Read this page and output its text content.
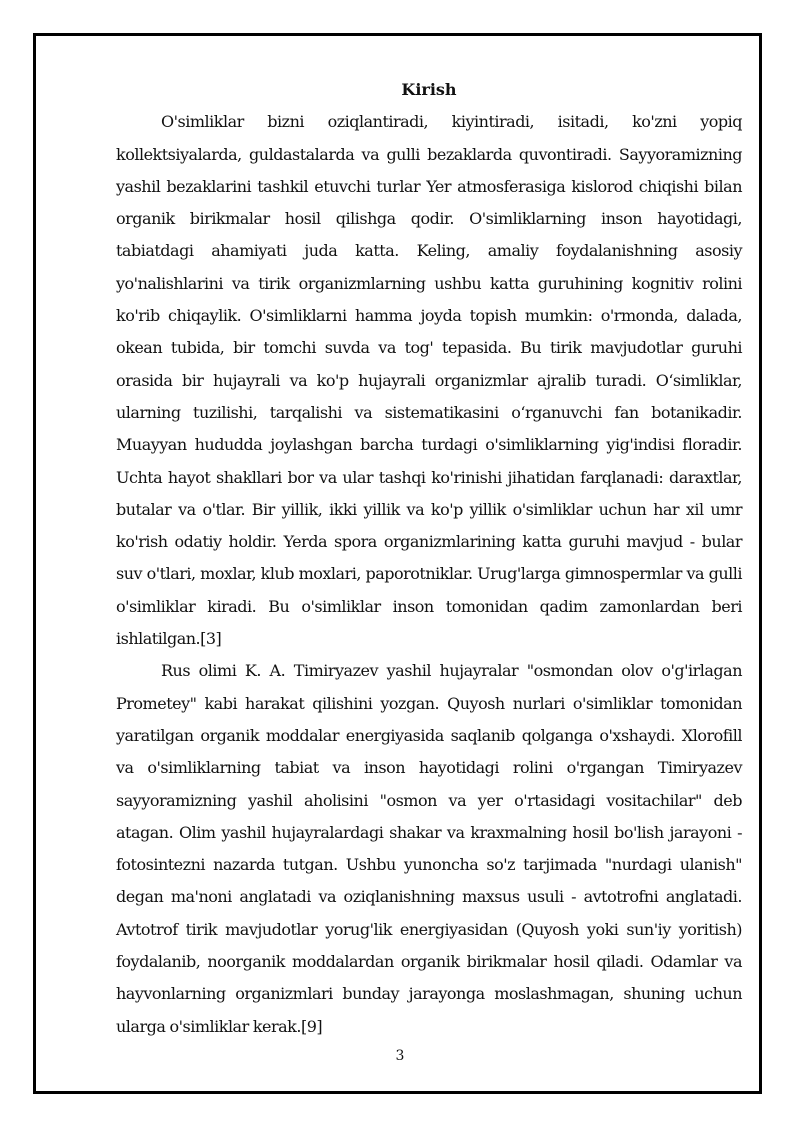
Kirish

O'simliklar bizni oziqlantiradi, kiyintiradi, isitadi, ko'zni yopiq kollektsiyalarda, guldastalarda va gulli bezaklarda quvontiradi. Sayyoramizning yashil bezaklarini tashkil etuvchi turlar Yer atmosferasiga kislorod chiqishi bilan organik birikmalar hosil qilishga qodir. O'simliklarning inson hayotidagi, tabiatdagi ahamiyati juda katta. Keling, amaliy foydalanishning asosiy yo'nalishlarini va tirik organizmlarning ushbu katta guruhining kognitiv rolini ko'rib chiqaylik. O'simliklarni hamma joyda topish mumkin: o'rmonda, dalada, okean tubida, bir tomchi suvda va tog' tepasida. Bu tirik mavjudotlar guruhi orasida bir hujayrali va ko'p hujayrali organizmlar ajralib turadi. O‘simliklar, ularning tuzilishi, tarqalishi va sistematikasini o‘rganuvchi fan botanikadir. Muayyan hududda joylashgan barcha turdagi o'simliklarning yig'indisi floradir. Uchta hayot shakllari bor va ular tashqi ko'rinishi jihatidan farqlanadi: daraxtlar, butalar va o'tlar. Bir yillik, ikki yillik va ko'p yillik o'simliklar uchun har xil umr ko'rish odatiy holdir. Yerda spora organizmlarining katta guruhi mavjud - bular suv o'tlari, moxlar, klub moxlari, paporotniklar. Urug'larga gimnospermlar va gulli o'simliklar kiradi. Bu o'simliklar inson tomonidan qadim zamonlardan beri ishlatilgan.[3]

Rus olimi K. A. Timiryazev yashil hujayralar "osmondan olov o'g'irlagan Prometey" kabi harakat qilishini yozgan. Quyosh nurlari o'simliklar tomonidan yaratilgan organik moddalar energiyasida saqlanib qolganga o'xshaydi. Xlorofill va o'simliklarning tabiat va inson hayotidagi rolini o'rgangan Timiryazev sayyoramizning yashil aholisini "osmon va yer o'rtasidagi vositachilar" deb atagan. Olim yashil hujayralardagi shakar va kraxmalning hosil bo'lish jarayoni - fotosintezni nazarda tutgan. Ushbu yunoncha so'z tarjimada "nurdagi ulanish" degan ma'noni anglatadi va oziqlanishning maxsus usuli - avtotrofni anglatadi. Avtotrof tirik mavjudotlar yorug'lik energiyasidan (Quyosh yoki sun'iy yoritish) foydalanib, noorganik moddalardan organik birikmalar hosil qiladi. Odamlar va hayvonlarning organizmlari bunday jarayonga moslashmagan, shuning uchun ularga o'simliklar kerak.[9]

3
